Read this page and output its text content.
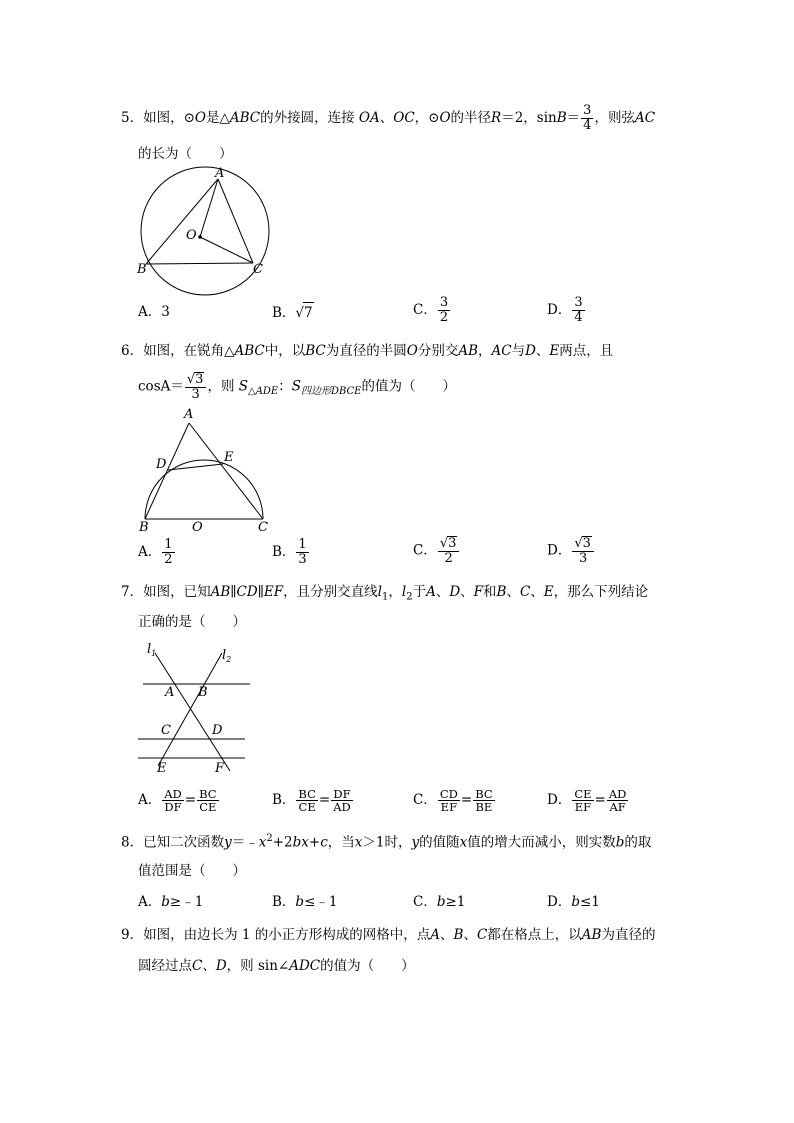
5．如图，⊙O是△ABC的外接圆，连接 OA、OC，⊙O的半径R＝2，$\sin B= \frac{3}{4}$ ，则弦AC
的长为（　　）
A
O
B	C
A．3	B．√ 7	C． $\frac{3}{2}$	D． $\frac{3}{4}$
6．如图，在锐角△ABC中，以BC为直径的半圆O分别交AB，AC与D、E两点，且
$\cos A= \frac{√ 3}{3}$ ，则 $S_{\triangle ADE}$：$S_{四边形DBCE}$的值为（　　）
A
D	E
B	O	C
A． $\frac{1}{2}$	B． $\frac{1}{3}$	C． $\frac{√ 3}{2}$	D． $\frac{√ 3}{3}$
7．如图，已知AB∥CD∥EF，且分别交直线$l_1$，$l_2$于A、D、F和B、C、E，那么下列结论
正确的是（　　）
$l_1$	$l_2$
A B
C	D
E	F
A． $\frac{AD}{DF} = \frac{BC}{CE}$	B． $\frac{BC}{CE} = \frac{DF}{AD}$	C． $\frac{CD}{EF} = \frac{BC}{BE}$	D． $\frac{CE}{EF} = \frac{AD}{AF}$
8．已知二次函数$y=﹣x^2+2bx+c$，当x＞1时，y的值随x值的增大而减小，则实数b的取
值范围是（　　）
A．b≥﹣1	B．b≤﹣1	C．b≥1	D．b≤1
9．如图，由边长为 1 的小正方形构成的网格中，点A、B、C都在格点上，以AB为直径的
圆经过点C、D，则 sin∠ADC的值为（　　）
